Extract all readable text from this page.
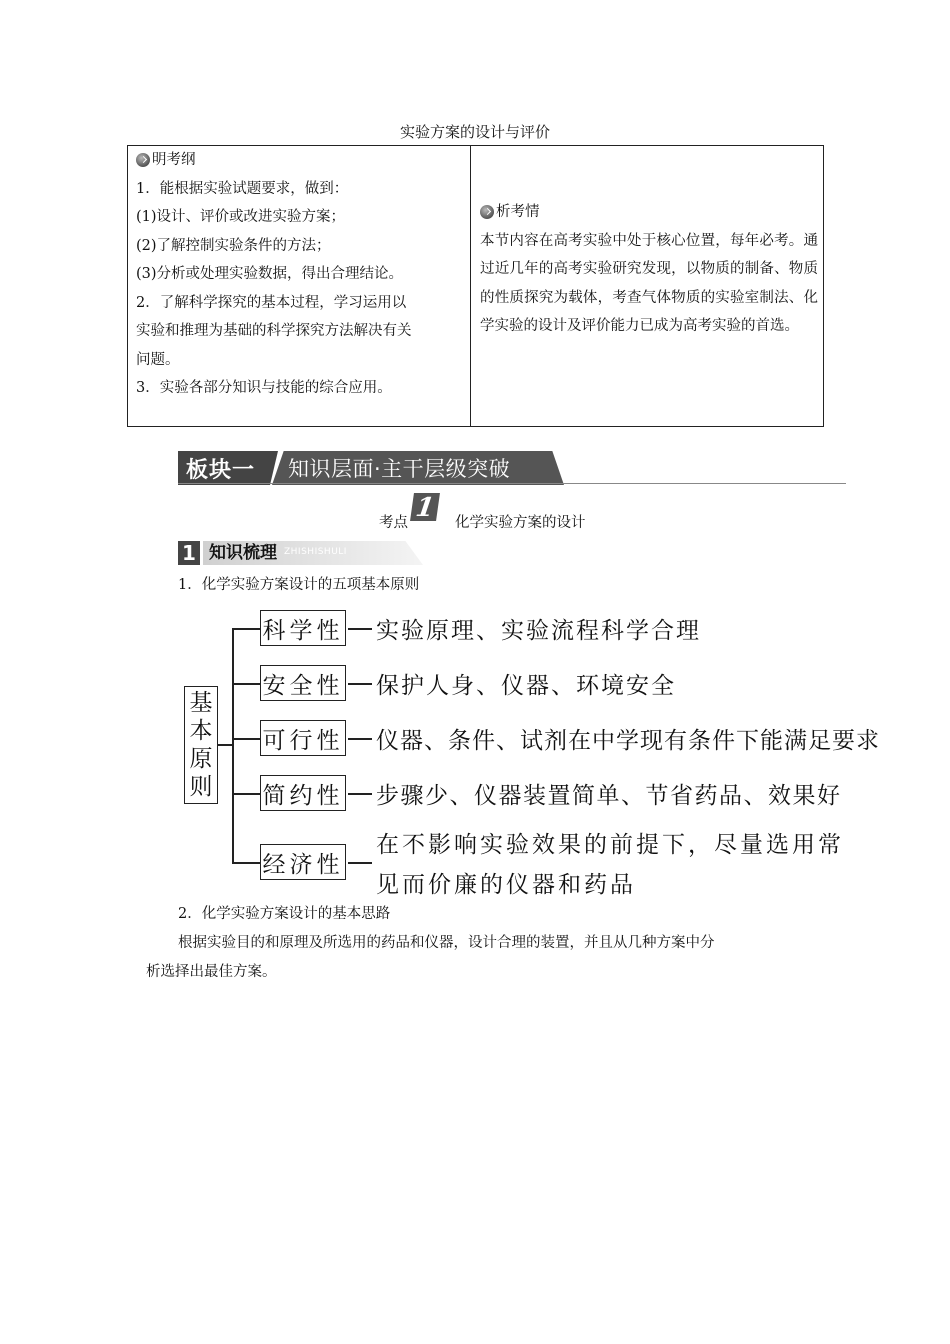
实验方案的设计与评价

明考纲

1．能根据实验试题要求，做到：

(1)设计、评价或改进实验方案；

(2)了解控制实验条件的方法；

(3)分析或处理实验数据，得出合理结论。

2．了解科学探究的基本过程，学习运用以

实验和推理为基础的科学探究方法解决有关

问题。

3．实验各部分知识与技能的综合应用。

析考情

本节内容在高考实验中处于核心位置，每年必考。通过近几年的高考实验研究发现，以物质的制备、物质的性质探究为载体，考查气体物质的实验室制法、化学实验的设计及评价能力已成为高考实验的首选。

板块一 知识层面·主干层级突破
考点 1 化学实验方案的设计
1 知识梳理 ZHISHISHULI
1．化学实验方案设计的五项基本原则
基
本
原
则
科学性
安全性
可行性
简约性
经济性
实验原理、实验流程科学合理
保护人身、仪器、环境安全
仪器、条件、试剂在中学现有条件下能满足要求
步骤少、仪器装置简单、节省药品、效果好
在不影响实验效果的前提下，尽量选用常
见而价廉的仪器和药品
2．化学实验方案设计的基本思路
根据实验目的和原理及所选用的药品和仪器，设计合理的装置，并且从几种方案中分
析选择出最佳方案。
